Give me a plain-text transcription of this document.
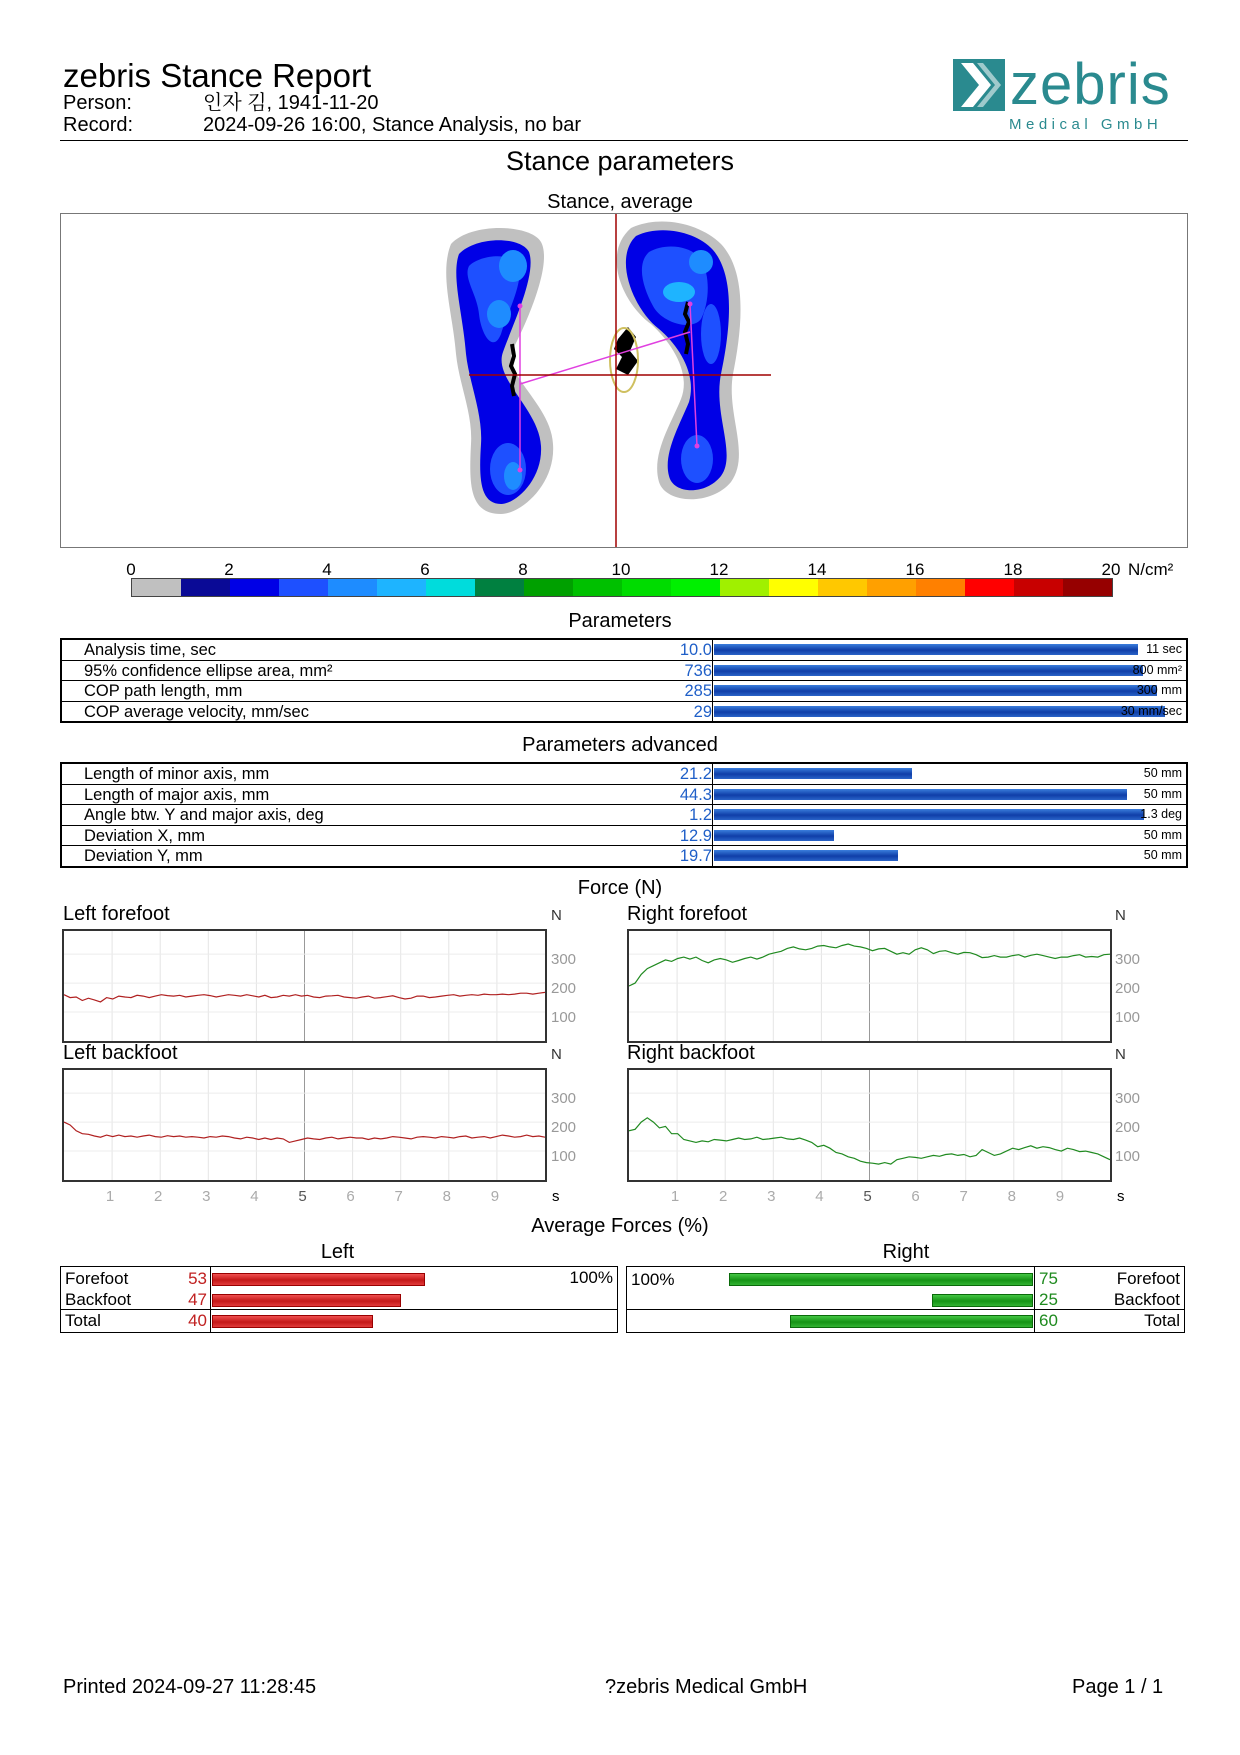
zebris Stance Report
Person:	인자 김, 1941-11-20
Record:	2024-09-26 16:00, Stance Analysis, no bar
zebris
Medical GmbH
Stance parameters
Stance, average
0	2	4	6	8	10	12	14	16	18	20 N/cm²
Parameters
Analysis time, sec	10.0	11 sec
95% confidence ellipse area, mm²	736	800 mm²
COP path length, mm	285	300 mm
COP average velocity, mm/sec	29	30 mm/sec
Parameters advanced
Length of minor axis, mm	21.2	50 mm
Length of major axis, mm	44.3	50 mm
Angle btw. Y and major axis, deg	1.2	1.3 deg
Deviation X, mm	12.9	50 mm
Deviation Y, mm	19.7	50 mm
Force (N)
Left forefoot	N
300
200
100
Right forefoot	N
300
200
100
Left backfoot	N
300
200
100
Right backfoot	N
300
200
100
1	2	3	4	5	6	7	8	9	1	2	3	4	5	6	7	8	9
s	s
Average Forces (%)
Left	Right
100%
Forefoot	53
Backfoot	47
Total	40
100%	75	Forefoot
25	Backfoot
60	Total
Printed 2024-09-27 11:28:45	?zebris Medical GmbH	Page 1 / 1
